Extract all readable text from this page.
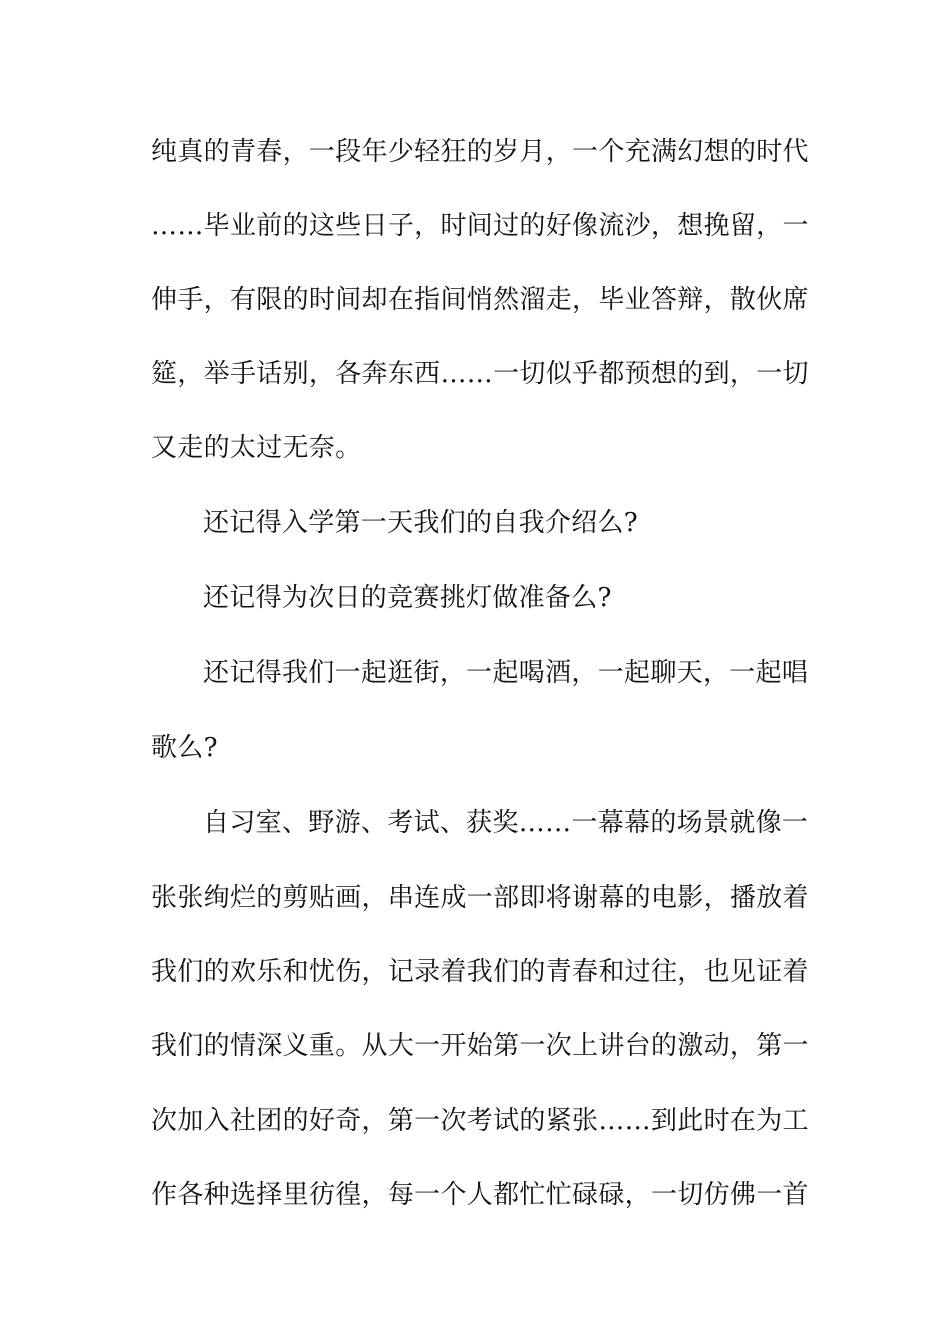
纯 真 的 青 春 ， 一 段 年 少 轻 狂 的 岁 月 ， 一 个 充 满 幻 想 的 时 代
… … 毕 业 前 的 这 些 日 子 ， 时 间 过 的 好 像 流 沙 ， 想 挽 留 ， 一
伸 手 ， 有 限 的 时 间 却 在 指 间 悄 然 溜 走 ， 毕 业 答 辩 ， 散 伙 席
筵 ， 举 手 话 别 ， 各 奔 东 西 … … 一 切 似 乎 都 预 想 的 到 ， 一 切
又走的太过无奈。
还记得入学第一天我们的自我介绍么?
还记得为次日的竞赛挑灯做准备么?
还 记 得 我 们 一 起 逛 街 ， 一 起 喝 酒 ， 一 起 聊 天 ， 一 起 唱
歌么?
自 习 室 、 野 游 、 考 试 、 获 奖 … … 一 幕 幕 的 场 景 就 像 一
张 张 绚 烂 的 剪 贴 画 ， 串 连 成 一 部 即 将 谢 幕 的 电 影 ， 播 放 着
我 们 的 欢 乐 和 忧 伤 ， 记 录 着 我 们 的 青 春 和 过 往 ， 也 见 证 着
我 们 的 情 深 义 重 。 从 大 一 开 始 第 一 次 上 讲 台 的 激 动 ， 第 一
次 加 入 社 团 的 好 奇 ， 第 一 次 考 试 的 紧 张 … … 到 此 时 在 为 工
作 各 种 选 择 里 彷 徨 ， 每 一 个 人 都 忙 忙 碌 碌 ， 一 切 仿 佛 一 首
